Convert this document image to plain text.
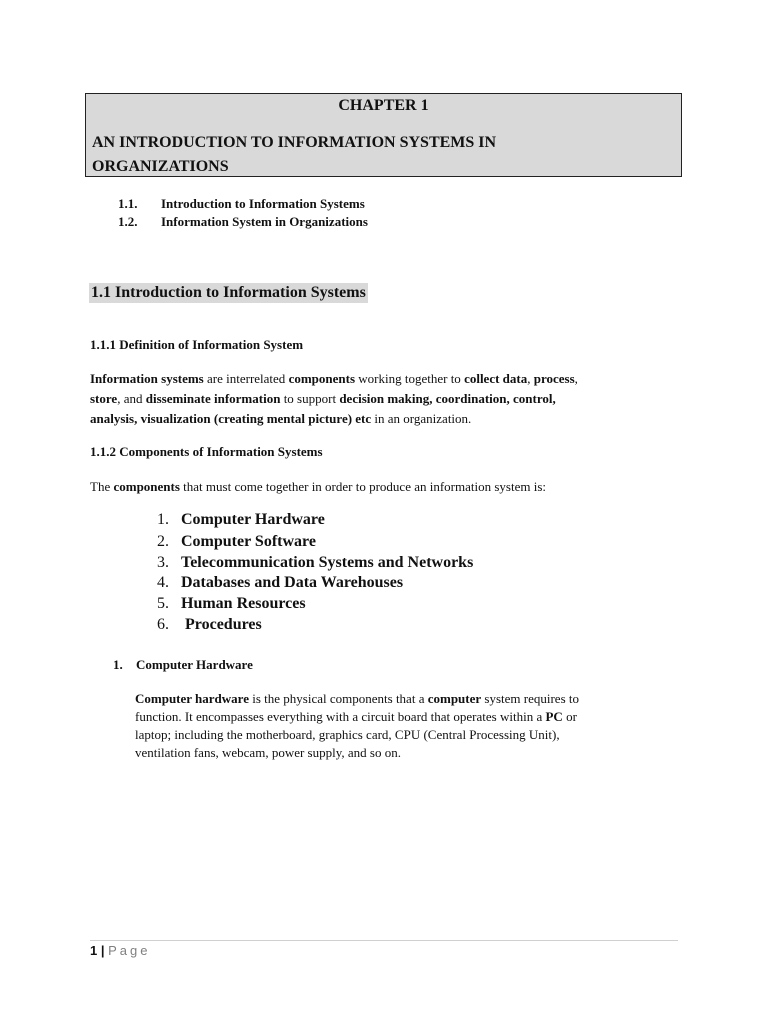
CHAPTER 1
AN INTRODUCTION TO INFORMATION SYSTEMS IN
ORGANIZATIONS
1.1. Introduction to Information Systems
1.2. Information System in Organizations
1.1 Introduction to Information Systems
1.1.1 Definition of Information System
Information systems are interrelated components working together to collect data, process,
store, and disseminate information to support decision making, coordination, control,
analysis, visualization (creating mental picture) etc in an organization.
1.1.2 Components of Information Systems
The components that must come together in order to produce an information system is:
1. Computer Hardware
2. Computer Software
3. Telecommunication Systems and Networks
4. Databases and Data Warehouses
5. Human Resources
6. Procedures
1. Computer Hardware
Computer hardware is the physical components that a computer system requires to
function. It encompasses everything with a circuit board that operates within a PC or
laptop; including the motherboard, graphics card, CPU (Central Processing Unit),
ventilation fans, webcam, power supply, and so on.
1 | Page
